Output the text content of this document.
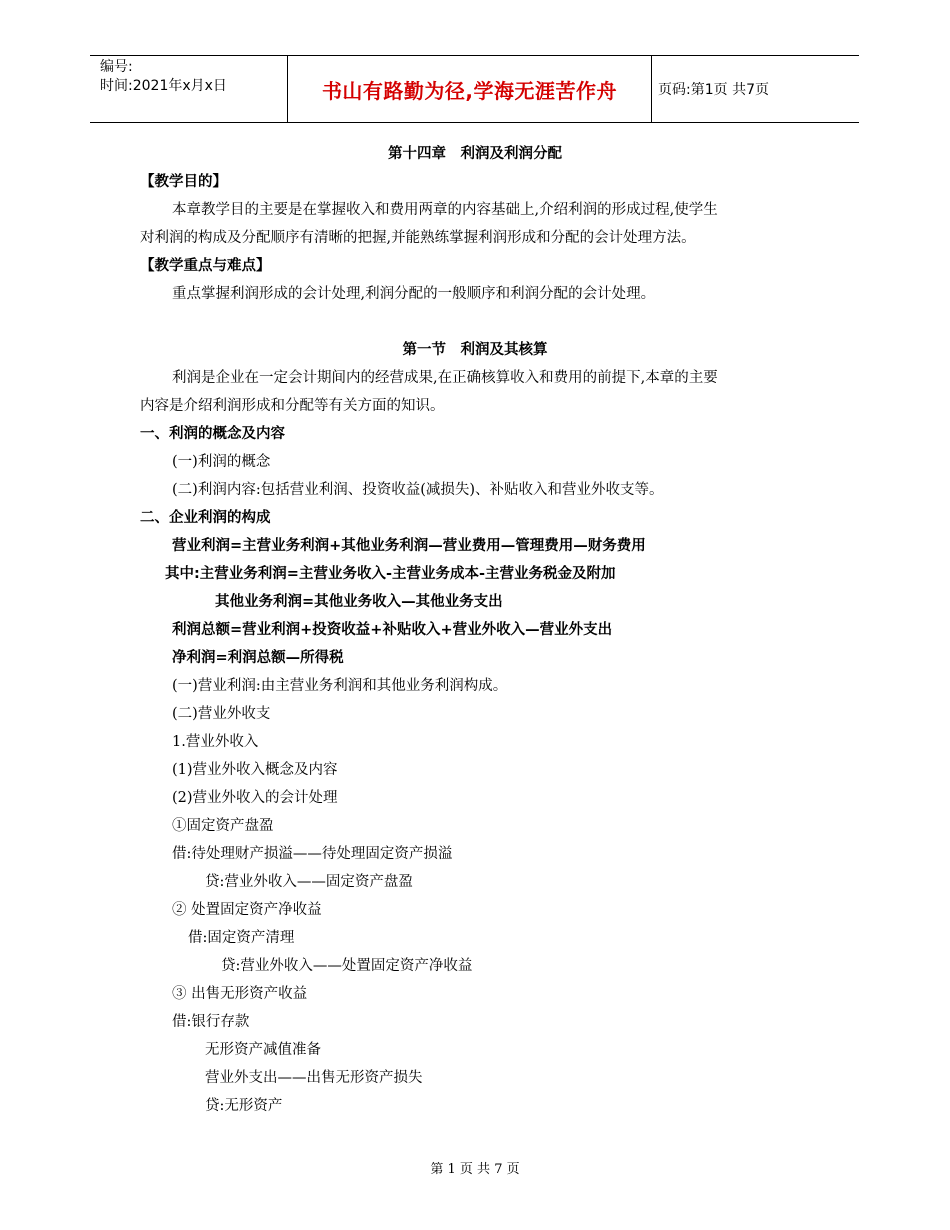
编号:
时间:2021年x月x日	书山有路勤为径,学海无涯苦作舟	页码:第1页 共7页
第十四章　利润及利润分配
【教学目的】
本章教学目的主要是在掌握收入和费用两章的内容基础上,介绍利润的形成过程,使学生
对利润的构成及分配顺序有清晰的把握,并能熟练掌握利润形成和分配的会计处理方法。
【教学重点与难点】
重点掌握利润形成的会计处理,利润分配的一般顺序和利润分配的会计处理。
第一节　利润及其核算
利润是企业在一定会计期间内的经营成果,在正确核算收入和费用的前提下,本章的主要
内容是介绍利润形成和分配等有关方面的知识。
一、利润的概念及内容
(一)利润的概念
(二)利润内容:包括营业利润、投资收益(减损失)、补贴收入和营业外收支等。
二、企业利润的构成
营业利润=主营业务利润+其他业务利润—营业费用—管理费用—财务费用
其中:主营业务利润=主营业务收入-主营业务成本-主营业务税金及附加
其他业务利润=其他业务收入—其他业务支出
利润总额=营业利润+投资收益+补贴收入+营业外收入—营业外支出
净利润=利润总额—所得税
(一)营业利润:由主营业务利润和其他业务利润构成。
(二)营业外收支
1.营业外收入
(1)营业外收入概念及内容
(2)营业外收入的会计处理
①固定资产盘盈
借:待处理财产损溢——待处理固定资产损溢
贷:营业外收入——固定资产盘盈
② 处置固定资产净收益
借:固定资产清理
贷:营业外收入——处置固定资产净收益
③ 出售无形资产收益
借:银行存款
无形资产减值准备
营业外支出——出售无形资产损失
贷:无形资产
第 1 页 共 7 页
